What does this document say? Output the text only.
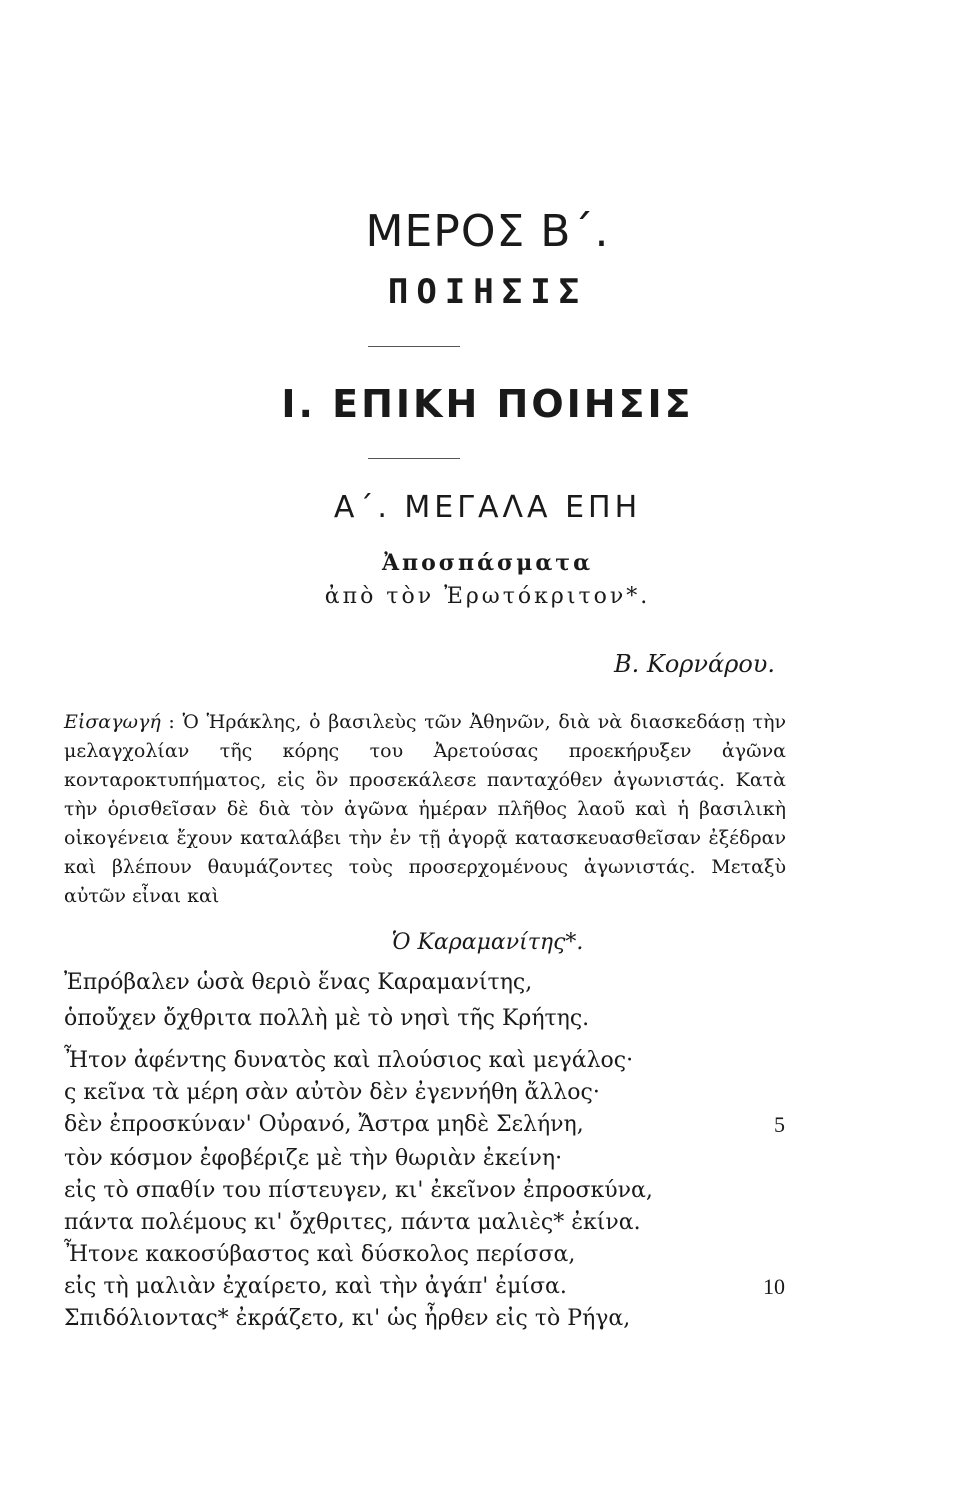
ΜΕΡΟΣ Β΄.
ΠΟΙΗΣΙΣ
Ι. ΕΠΙΚΗ ΠΟΙΗΣΙΣ
Α΄. ΜΕΓΑΛΑ ΕΠΗ
Ἀποσπάσματα
ἀπὸ τὸν Ἐρωτόκριτον*.
Β. Κορνάρου.
Εἰσαγωγή : Ὁ Ἡράκλης, ὁ βασιλεὺς τῶν Ἀθηνῶν, διὰ νὰ διασκεδάσῃ τὴν μελαγχολίαν τῆς κόρης του Ἀρετούσας προεκήρυξεν ἀγῶνα κονταροκτυπήματος, εἰς ὃν προσεκάλεσε πανταχόθεν ἀγωνιστάς. Κατὰ τὴν ὁρισθεῖσαν δὲ διὰ τὸν ἀγῶνα ἡμέραν πλῆθος λαοῦ καὶ ἡ βασιλικὴ οἰκογένεια ἔχουν καταλάβει τὴν ἐν τῇ ἀγορᾷ κατασκευασθεῖσαν ἐξέδραν καὶ βλέπουν θαυμάζοντες τοὺς προσερχομένους ἀγωνιστάς. Μεταξὺ αὐτῶν εἶναι καὶ
Ὁ Καραμανίτης*.
Ἐπρόβαλεν ὡσὰ θεριὸ ἕνας Καραμανίτης,
ὁποὔχεν ὄχθριτα πολλὴ μὲ τὸ νησὶ τῆς Κρήτης.
Ἦτον ἀφέντης δυνατὸς καὶ πλούσιος καὶ μεγάλος·
ς κεῖνα τὰ μέρη σὰν αὐτὸν δὲν ἐγεννήθη ἄλλος·
δὲν ἐπροσκύναν' Οὐρανό, Ἄστρα μηδὲ Σελήνη,	5
τὸν κόσμον ἐφοβέριζε μὲ τὴν θωριὰν ἐκείνη·
εἰς τὸ σπαθίν του πίστευγεν, κι' ἐκεῖνον ἐπροσκύνα,
πάντα πολέμους κι' ὄχθριτες, πάντα μαλιὲς* ἐκίνα.
Ἦτονε κακοσύβαστος καὶ δύσκολος περίσσα,
εἰς τὴ μαλιὰν ἐχαίρετο, καὶ τὴν ἀγάπ' ἐμίσα.	10
Σπιδόλιοντας* ἐκράζετο, κι' ὡς ἦρθεν εἰς τὸ Ρήγα,
